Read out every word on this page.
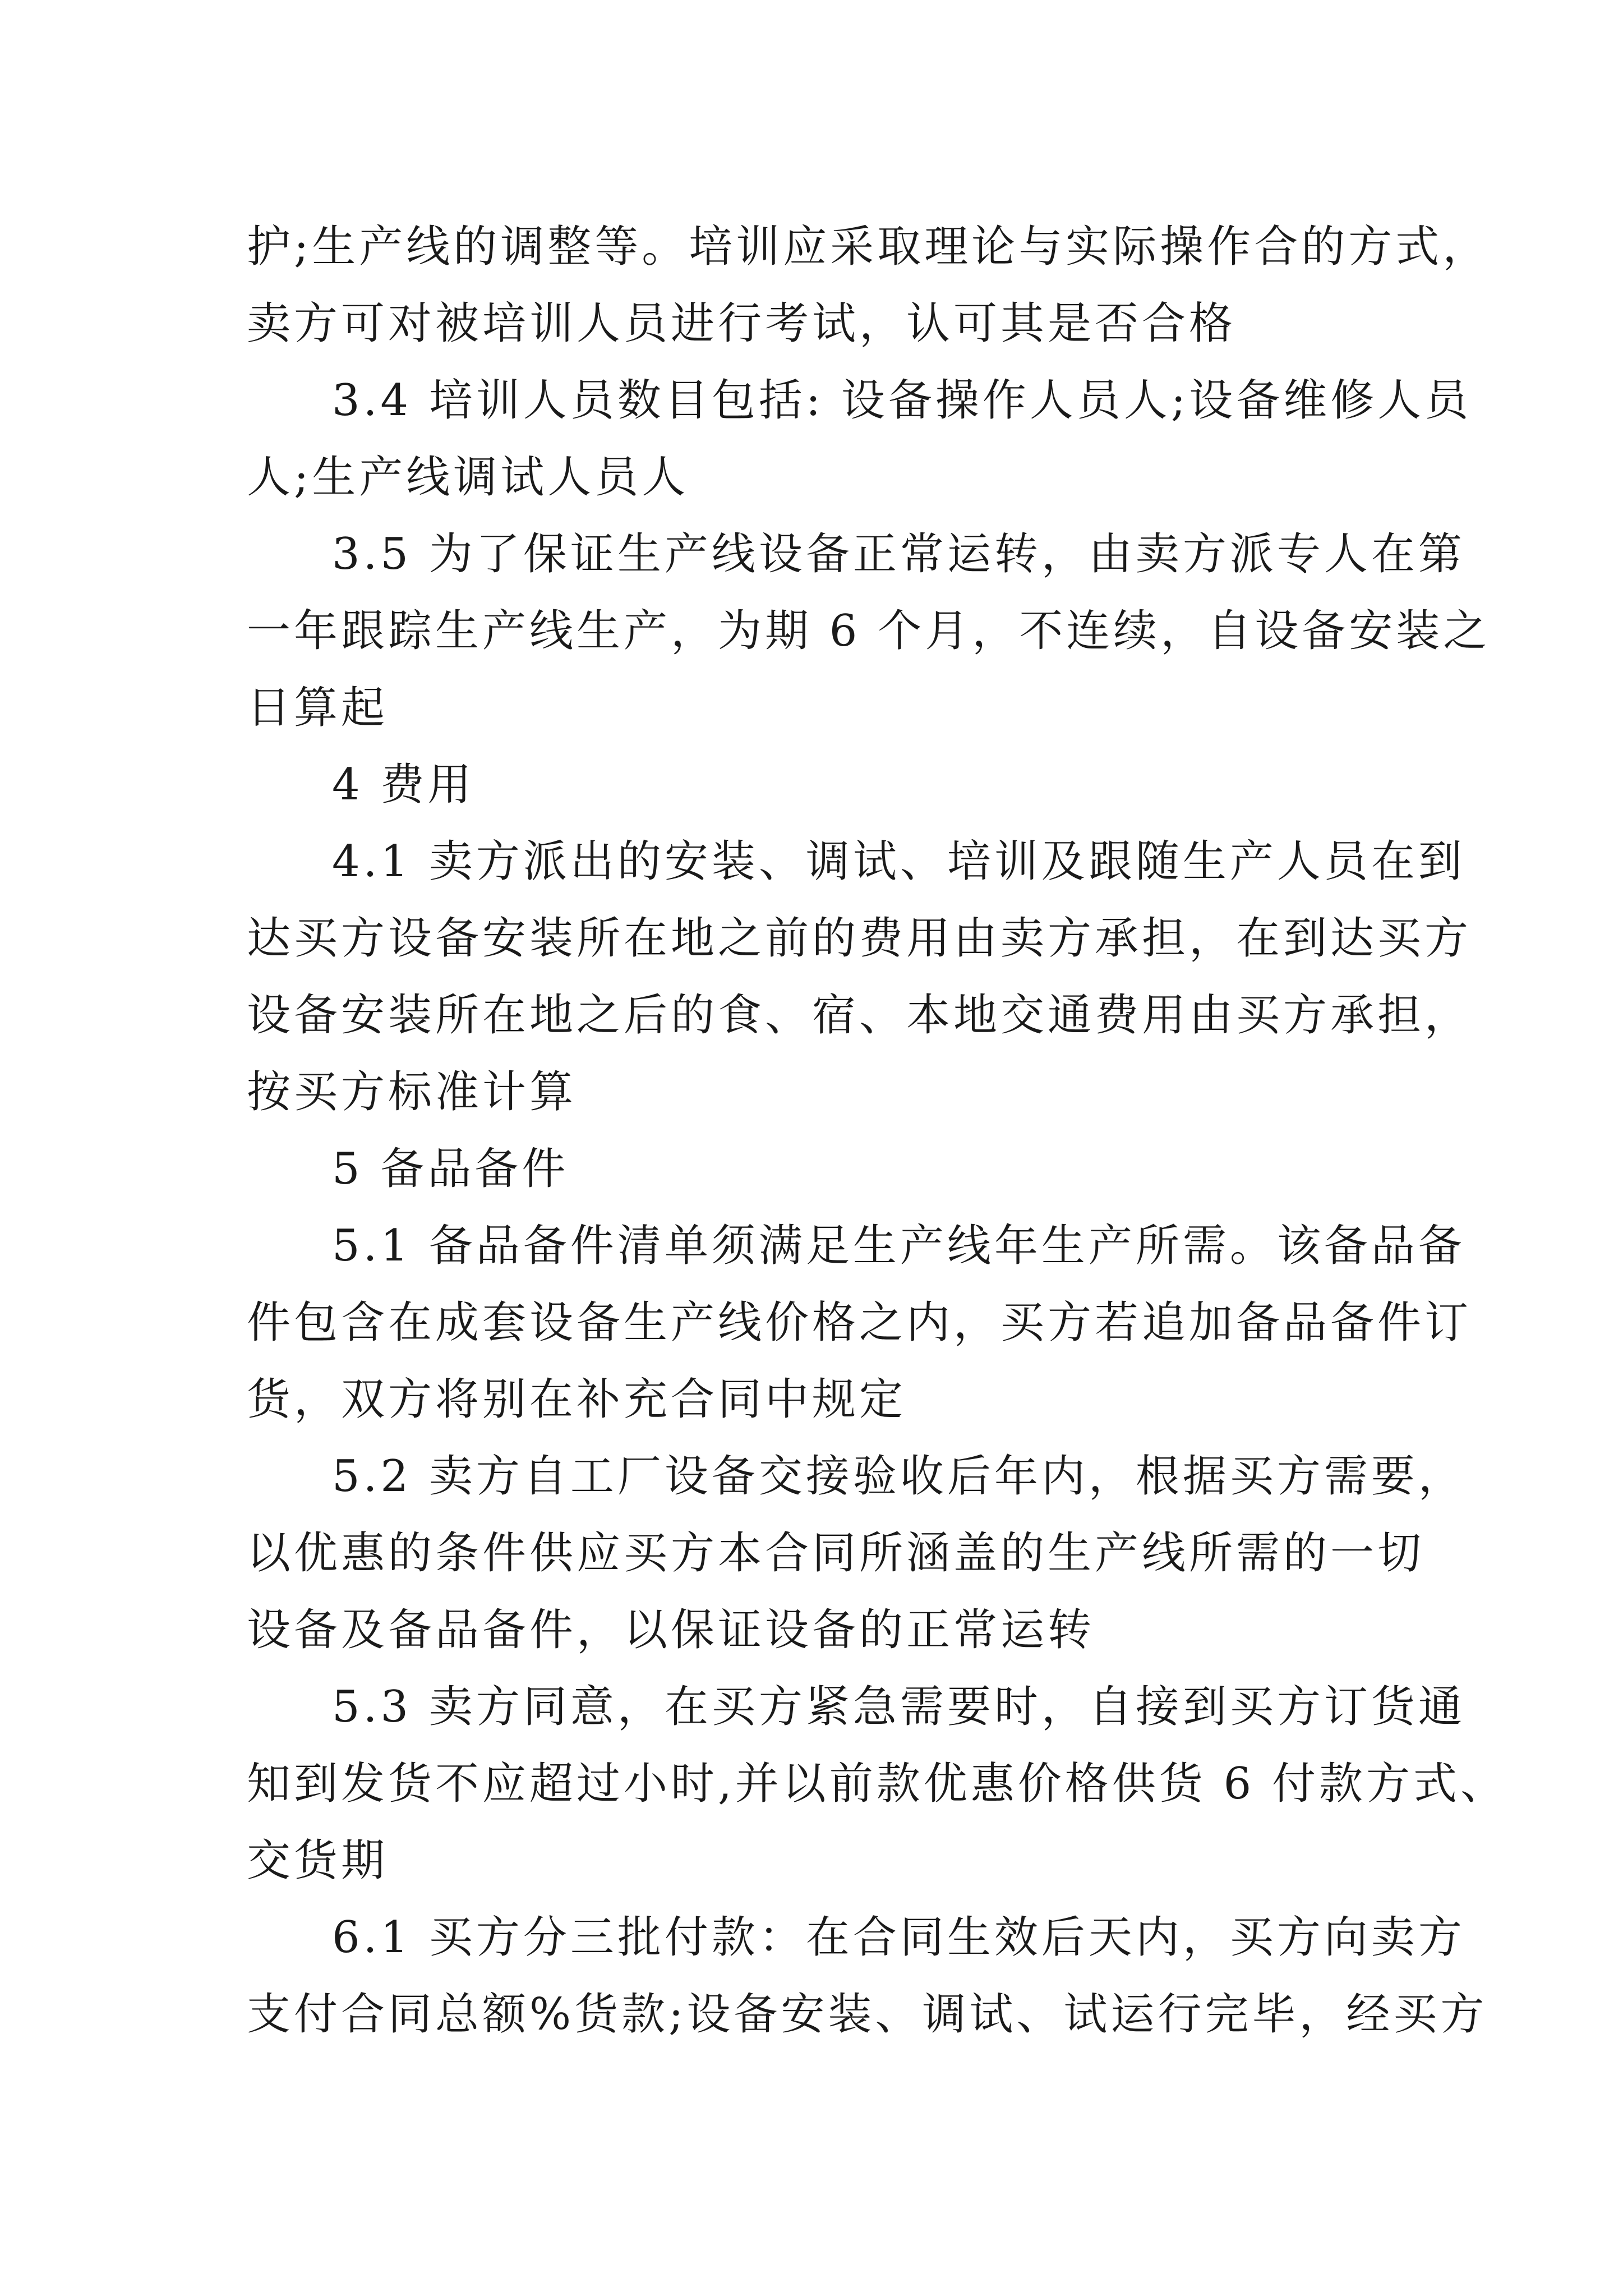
护;生产线的调整等。培训应采取理论与实际操作合的方式，
卖方可对被培训人员进行考试，认可其是否合格
3.4 培训人员数目包括: 设备操作人员人;设备维修人员
人;生产线调试人员人
3.5 为了保证生产线设备正常运转，由卖方派专人在第
一年跟踪生产线生产，为期 6 个月，不连续，自设备安装之
日算起
4 费用
4.1 卖方派出的安装、调试、培训及跟随生产人员在到
达买方设备安装所在地之前的费用由卖方承担，在到达买方
设备安装所在地之后的食、宿、本地交通费用由买方承担，
按买方标准计算
5 备品备件
5.1 备品备件清单须满足生产线年生产所需。该备品备
件包含在成套设备生产线价格之内，买方若追加备品备件订
货，双方将别在补充合同中规定
5.2 卖方自工厂设备交接验收后年内，根据买方需要，
以优惠的条件供应买方本合同所涵盖的生产线所需的一切
设备及备品备件，以保证设备的正常运转
5.3 卖方同意，在买方紧急需要时，自接到买方订货通
知到发货不应超过小时,并以前款优惠价格供货 6 付款方式、
交货期
6.1 买方分三批付款：在合同生效后天内，买方向卖方
支付合同总额%货款;设备安装、调试、试运行完毕，经买方
